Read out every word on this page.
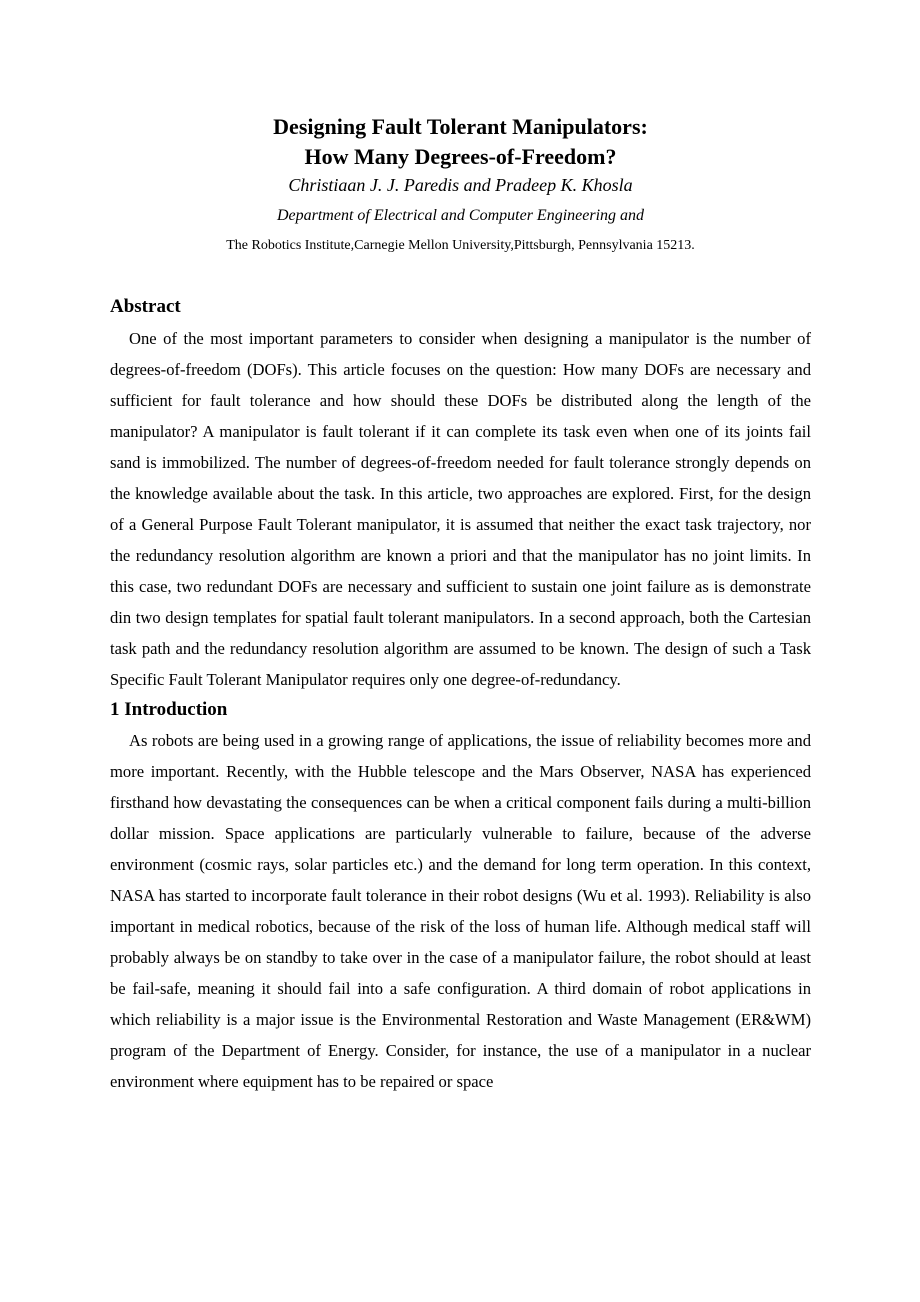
Designing Fault Tolerant Manipulators:
How Many Degrees-of-Freedom?
Christiaan J. J. Paredis and Pradeep K. Khosla
Department of Electrical and Computer Engineering and
The Robotics Institute,Carnegie Mellon University,Pittsburgh, Pennsylvania 15213.
Abstract

One of the most important parameters to consider when designing a manipulator is the number of degrees-of-freedom (DOFs). This article focuses on the question: How many DOFs are necessary and sufficient for fault tolerance and how should these DOFs be distributed along the length of the manipulator? A manipulator is fault tolerant if it can complete its task even when one of its joints fail sand is immobilized. The number of degrees-of-freedom needed for fault tolerance strongly depends on the knowledge available about the task. In this article, two approaches are explored. First, for the design of a General Purpose Fault Tolerant manipulator, it is assumed that neither the exact task trajectory, nor the redundancy resolution algorithm are known a priori and that the manipulator has no joint limits. In this case, two redundant DOFs are necessary and sufficient to sustain one joint failure as is demonstrate din two design templates for spatial fault tolerant manipulators. In a second approach, both the Cartesian task path and the redundancy resolution algorithm are assumed to be known. The design of such a Task Specific Fault Tolerant Manipulator requires only one degree-of-redundancy.

1 Introduction

As robots are being used in a growing range of applications, the issue of reliability becomes more and more important. Recently, with the Hubble telescope and the Mars Observer, NASA has experienced firsthand how devastating the consequences can be when a critical component fails during a multi-billion dollar mission. Space applications are particularly vulnerable to failure, because of the adverse environment (cosmic rays, solar particles etc.) and the demand for long term operation. In this context, NASA has started to incorporate fault tolerance in their robot designs (Wu et al. 1993). Reliability is also important in medical robotics, because of the risk of the loss of human life. Although medical staff will probably always be on standby to take over in the case of a manipulator failure, the robot should at least be fail-safe, meaning it should fail into a safe configuration. A third domain of robot applications in which reliability is a major issue is the Environmental Restoration and Waste Management (ER&WM) program of the Department of Energy. Consider, for instance, the use of a manipulator in a nuclear environment where equipment has to be repaired or space
